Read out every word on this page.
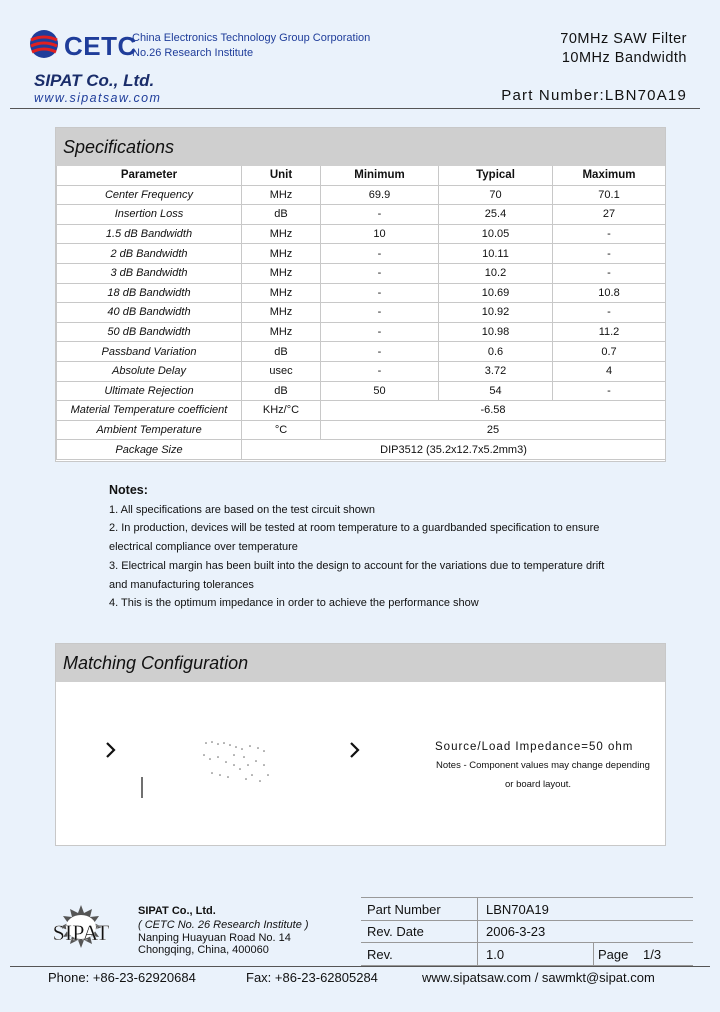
CETC
China Electronics Technology Group Corporation
No.26 Research Institute
SIPAT Co., Ltd.
www.sipatsaw.com
70MHz SAW Filter
10MHz Bandwidth
Part Number:LBN70A19
Specifications
Parameter	Unit	Minimum	Typical	Maximum
Center Frequency	MHz	69.9	70	70.1
Insertion Loss	dB	-	25.4	27
1.5 dB Bandwidth	MHz	10	10.05	-
2 dB Bandwidth	MHz	-	10.11	-
3 dB Bandwidth	MHz	-	10.2	-
18 dB Bandwidth	MHz	-	10.69	10.8
40 dB Bandwidth	MHz	-	10.92	-
50 dB Bandwidth	MHz	-	10.98	11.2
Passband Variation	dB	-	0.6	0.7
Absolute Delay	usec	-	3.72	4
Ultimate Rejection	dB	50	54	-
Material Temperature coefficient	KHz/°C	-6.58		
Ambient Temperature	°C	25		
Package Size	DIP3512 (35.2x12.7x5.2mm3)			
Notes:
1. All specifications are based on the test circuit shown
2. In production, devices will be tested at room temperature to a guardbanded specification to ensure
electrical compliance over temperature
3. Electrical margin has been built into the design to account for the variations due to temperature drift
and manufacturing tolerances
4. This is the optimum impedance in order to achieve the performance show
Matching Configuration
Source/Load Impedance=50 ohm
Notes - Component values may change depending
or board layout.
SIPAT
SIPAT Co., Ltd.
( CETC No. 26 Research Institute )
Nanping Huayuan Road No. 14
Chongqing, China, 400060
Part Number	LBN70A19
Rev. Date	2006-3-23
Rev.	1.0	Page 1/3
Phone: +86-23-62920684	Fax: +86-23-62805284	www.sipatsaw.com / sawmkt@sipat.com
